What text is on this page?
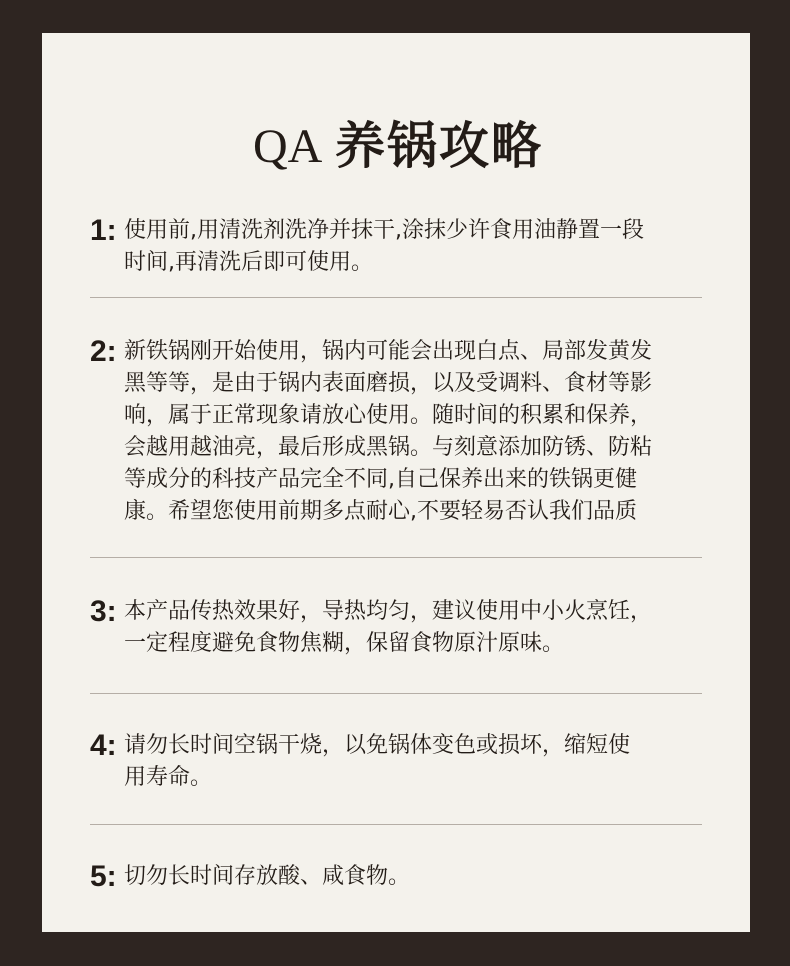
QA 养锅攻略
1: 使用前,用清洗剂洗净并抹干,涂抹少许食用油静置一段
时间,再清洗后即可使用。
2: 新铁锅刚开始使用，锅内可能会出现白点、局部发黄发
黑等等，是由于锅内表面磨损，以及受调料、食材等影
响，属于正常现象请放心使用。随时间的积累和保养，
会越用越油亮，最后形成黑锅。与刻意添加防锈、防粘
等成分的科技产品完全不同,自己保养出来的铁锅更健
康。希望您使用前期多点耐心,不要轻易否认我们品质
3: 本产品传热效果好，导热均匀，建议使用中小火烹饪，
一定程度避免食物焦糊，保留食物原汁原味。
4: 请勿长时间空锅干烧，以免锅体变色或损坏，缩短使
用寿命。
5: 切勿长时间存放酸、咸食物。
